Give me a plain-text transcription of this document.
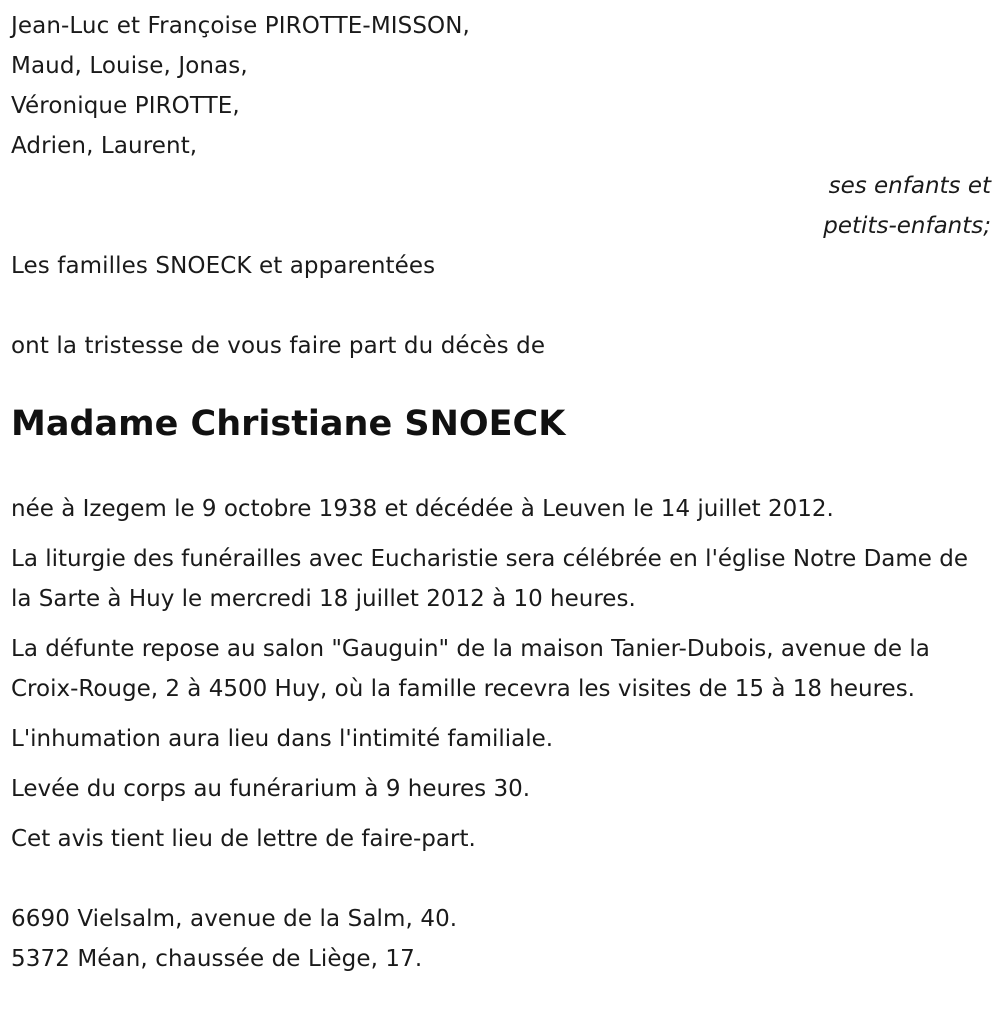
Jean-Luc et Françoise PIROTTE-MISSON,
Maud, Louise, Jonas,
Véronique PIROTTE,
Adrien, Laurent,
ses enfants et
petits-enfants;
Les familles SNOECK et apparentées
ont la tristesse de vous faire part du décès de
Madame Christiane SNOECK
née à Izegem le 9 octobre 1938 et décédée à Leuven le 14 juillet 2012.
La liturgie des funérailles avec Eucharistie sera célébrée en l'église Notre Dame de la Sarte à Huy le mercredi 18 juillet 2012 à 10 heures.
La défunte repose au salon "Gauguin" de la maison Tanier-Dubois, avenue de la Croix-Rouge, 2 à 4500 Huy, où la famille recevra les visites de 15 à 18 heures.
L'inhumation aura lieu dans l'intimité familiale.
Levée du corps au funérarium à 9 heures 30.
Cet avis tient lieu de lettre de faire-part.
6690 Vielsalm, avenue de la Salm, 40.
5372 Méan, chaussée de Liège, 17.
